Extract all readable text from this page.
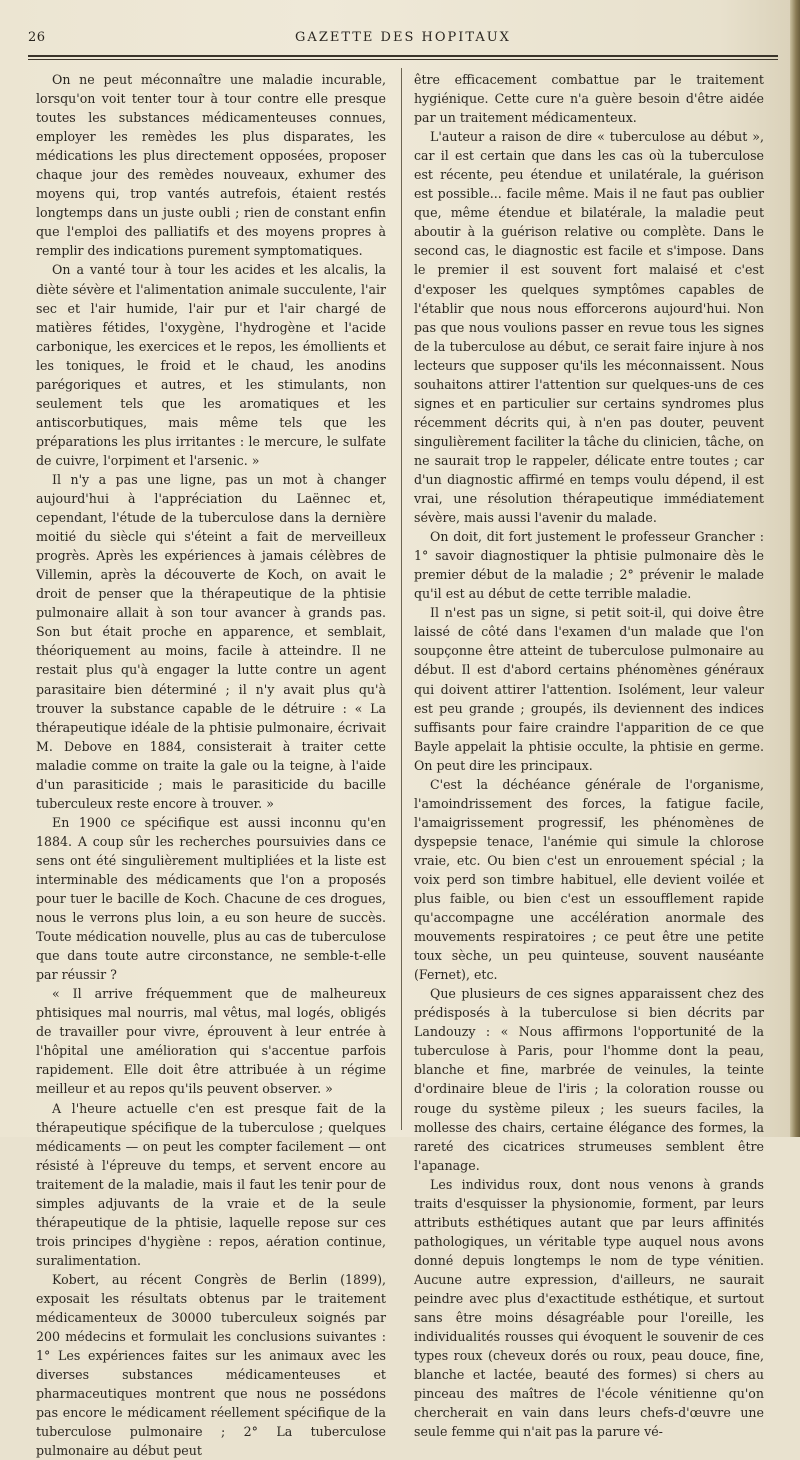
26	GAZETTE DES HOPITAUX

On ne peut méconnaître une maladie incurable, lorsqu'on voit tenter tour à tour contre elle presque toutes les substances médicamenteuses connues, employer les remèdes les plus disparates, les médications les plus directement opposées, proposer chaque jour des remèdes nouveaux, exhumer des moyens qui, trop vantés autrefois, étaient restés longtemps dans un juste oubli ; rien de constant enfin que l'emploi des palliatifs et des moyens propres à remplir des indications purement symptomatiques.

On a vanté tour à tour les acides et les alcalis, la diète sévère et l'alimentation animale succulente, l'air sec et l'air humide, l'air pur et l'air chargé de matières fétides, l'oxygène, l'hydrogène et l'acide carbonique, les exercices et le repos, les émollients et les toniques, le froid et le chaud, les anodins parégoriques et autres, et les stimulants, non seulement tels que les aromatiques et les antiscorbutiques, mais même tels que les préparations les plus irritantes : le mercure, le sulfate de cuivre, l'orpiment et l'arsenic. »

Il n'y a pas une ligne, pas un mot à changer aujourd'hui à l'appréciation du Laënnec et, cependant, l'étude de la tuberculose dans la dernière moitié du siècle qui s'éteint a fait de merveilleux progrès. Après les expériences à jamais célèbres de Villemin, après la découverte de Koch, on avait le droit de penser que la thérapeutique de la phtisie pulmonaire allait à son tour avancer à grands pas. Son but était proche en apparence, et semblait, théoriquement au moins, facile à atteindre. Il ne restait plus qu'à engager la lutte contre un agent parasitaire bien déterminé ; il n'y avait plus qu'à trouver la substance capable de le détruire : « La thérapeutique idéale de la phtisie pulmonaire, écrivait M. Debove en 1884, consisterait à traiter cette maladie comme on traite la gale ou la teigne, à l'aide d'un parasiticide ; mais le parasiticide du bacille tuberculeux reste encore à trouver. »

En 1900 ce spécifique est aussi inconnu qu'en 1884. A coup sûr les recherches poursuivies dans ce sens ont été singulièrement multipliées et la liste est interminable des médicaments que l'on a proposés pour tuer le bacille de Koch. Chacune de ces drogues, nous le verrons plus loin, a eu son heure de succès. Toute médication nouvelle, plus au cas de tuberculose que dans toute autre circonstance, ne semble-t-elle par réussir ?

« Il arrive fréquemment que de malheureux phtisiques mal nourris, mal vêtus, mal logés, obligés de travailler pour vivre, éprouvent à leur entrée à l'hôpital une amélioration qui s'accentue parfois rapidement. Elle doit être attribuée à un régime meilleur et au repos qu'ils peuvent observer. »

A l'heure actuelle c'en est presque fait de la thérapeutique spécifique de la tuberculose ; quelques médicaments — on peut les compter facilement — ont résisté à l'épreuve du temps, et servent encore au traitement de la maladie, mais il faut les tenir pour de simples adjuvants de la vraie et de la seule thérapeutique de la phtisie, laquelle repose sur ces trois principes d'hygiène : repos, aération continue, suralimentation.

Kobert, au récent Congrès de Berlin (1899), exposait les résultats obtenus par le traitement médicamenteux de 30000 tuberculeux soignés par 200 médecins et formulait les conclusions suivantes : 1° Les expériences faites sur les animaux avec les diverses substances médicamenteuses et pharmaceutiques montrent que nous ne possédons pas encore le médicament réellement spécifique de la tuberculose pulmonaire ; 2° La tuberculose pulmonaire au début peut

être efficacement combattue par le traitement hygiénique. Cette cure n'a guère besoin d'être aidée par un traitement médicamenteux.

L'auteur a raison de dire « tuberculose au début », car il est certain que dans les cas où la tuberculose est récente, peu étendue et unilatérale, la guérison est possible... facile même. Mais il ne faut pas oublier que, même étendue et bilatérale, la maladie peut aboutir à la guérison relative ou complète. Dans le second cas, le diagnostic est facile et s'impose. Dans le premier il est souvent fort malaisé et c'est d'exposer les quelques symptômes capables de l'établir que nous nous efforcerons aujourd'hui. Non pas que nous voulions passer en revue tous les signes de la tuberculose au début, ce serait faire injure à nos lecteurs que supposer qu'ils les méconnaissent. Nous souhaitons attirer l'attention sur quelques-uns de ces signes et en particulier sur certains syndromes plus récemment décrits qui, à n'en pas douter, peuvent singulièrement faciliter la tâche du clinicien, tâche, on ne saurait trop le rappeler, délicate entre toutes ; car d'un diagnostic affirmé en temps voulu dépend, il est vrai, une résolution thérapeutique immédiatement sévère, mais aussi l'avenir du malade.

On doit, dit fort justement le professeur Grancher : 1° savoir diagnostiquer la phtisie pulmonaire dès le premier début de la maladie ; 2° prévenir le malade qu'il est au début de cette terrible maladie.

Il n'est pas un signe, si petit soit-il, qui doive être laissé de côté dans l'examen d'un malade que l'on soupçonne être atteint de tuberculose pulmonaire au début. Il est d'abord certains phénomènes généraux qui doivent attirer l'attention. Isolément, leur valeur est peu grande ; groupés, ils deviennent des indices suffisants pour faire craindre l'apparition de ce que Bayle appelait la phtisie occulte, la phtisie en germe. On peut dire les principaux.

C'est la déchéance générale de l'organisme, l'amoindrissement des forces, la fatigue facile, l'amaigrissement progressif, les phénomènes de dyspepsie tenace, l'anémie qui simule la chlorose vraie, etc. Ou bien c'est un enrouement spécial ; la voix perd son timbre habituel, elle devient voilée et plus faible, ou bien c'est un essoufflement rapide qu'accompagne une accélération anormale des mouvements respiratoires ; ce peut être une petite toux sèche, un peu quinteuse, souvent nauséante (Fernet), etc.

Que plusieurs de ces signes apparaissent chez des prédisposés à la tuberculose si bien décrits par Landouzy : « Nous affirmons l'opportunité de la tuberculose à Paris, pour l'homme dont la peau, blanche et fine, marbrée de veinules, la teinte d'ordinaire bleue de l'iris ; la coloration rousse ou rouge du système pileux ; les sueurs faciles, la mollesse des chairs, certaine élégance des formes, la rareté des cicatrices strumeuses semblent être l'apanage.

Les individus roux, dont nous venons à grands traits d'esquisser la physionomie, forment, par leurs attributs esthétiques autant que par leurs affinités pathologiques, un véritable type auquel nous avons donné depuis longtemps le nom de type vénitien. Aucune autre expression, d'ailleurs, ne saurait peindre avec plus d'exactitude esthétique, et surtout sans être moins désagréable pour l'oreille, les individualités rousses qui évoquent le souvenir de ces types roux (cheveux dorés ou roux, peau douce, fine, blanche et lactée, beauté des formes) si chers au pinceau des maîtres de l'école vénitienne qu'on chercherait en vain dans leurs chefs-d'œuvre une seule femme qui n'ait pas la parure vé-
